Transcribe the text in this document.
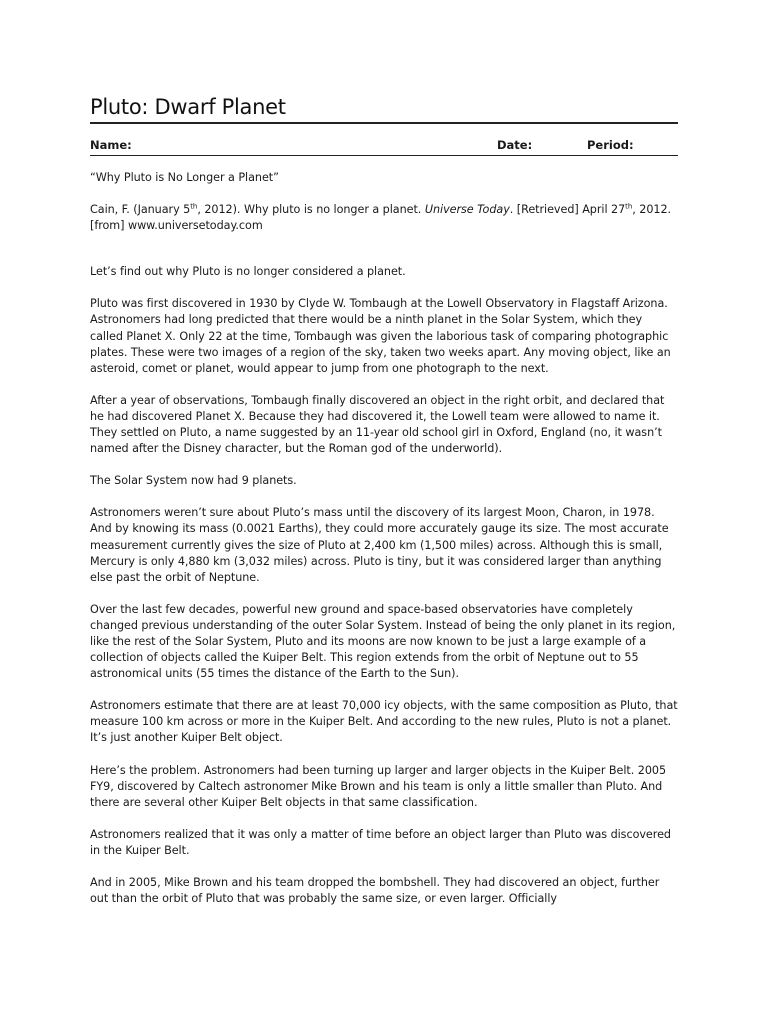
Pluto: Dwarf Planet
Name:	Date:	Period:

“Why Pluto is No Longer a Planet”

Cain, F. (January 5th, 2012). Why pluto is no longer a planet. Universe Today. [Retrieved] April 27th, 2012. [from] www.universetoday.com

Let’s find out why Pluto is no longer considered a planet.

Pluto was first discovered in 1930 by Clyde W. Tombaugh at the Lowell Observatory in Flagstaff Arizona. Astronomers had long predicted that there would be a ninth planet in the Solar System, which they called Planet X. Only 22 at the time, Tombaugh was given the laborious task of comparing photographic plates. These were two images of a region of the sky, taken two weeks apart. Any moving object, like an asteroid, comet or planet, would appear to jump from one photograph to the next.

After a year of observations, Tombaugh finally discovered an object in the right orbit, and declared that he had discovered Planet X. Because they had discovered it, the Lowell team were allowed to name it. They settled on Pluto, a name suggested by an 11-year old school girl in Oxford, England (no, it wasn’t named after the Disney character, but the Roman god of the underworld).

The Solar System now had 9 planets.

Astronomers weren’t sure about Pluto’s mass until the discovery of its largest Moon, Charon, in 1978. And by knowing its mass (0.0021 Earths), they could more accurately gauge its size. The most accurate measurement currently gives the size of Pluto at 2,400 km (1,500 miles) across. Although this is small, Mercury is only 4,880 km (3,032 miles) across. Pluto is tiny, but it was considered larger than anything else past the orbit of Neptune.

Over the last few decades, powerful new ground and space-based observatories have completely changed previous understanding of the outer Solar System. Instead of being the only planet in its region, like the rest of the Solar System, Pluto and its moons are now known to be just a large example of a collection of objects called the Kuiper Belt. This region extends from the orbit of Neptune out to 55 astronomical units (55 times the distance of the Earth to the Sun).

Astronomers estimate that there are at least 70,000 icy objects, with the same composition as Pluto, that measure 100 km across or more in the Kuiper Belt. And according to the new rules, Pluto is not a planet. It’s just another Kuiper Belt object.

Here’s the problem. Astronomers had been turning up larger and larger objects in the Kuiper Belt. 2005 FY9, discovered by Caltech astronomer Mike Brown and his team is only a little smaller than Pluto. And there are several other Kuiper Belt objects in that same classification.

Astronomers realized that it was only a matter of time before an object larger than Pluto was discovered in the Kuiper Belt.

And in 2005, Mike Brown and his team dropped the bombshell. They had discovered an object, further out than the orbit of Pluto that was probably the same size, or even larger. Officially
